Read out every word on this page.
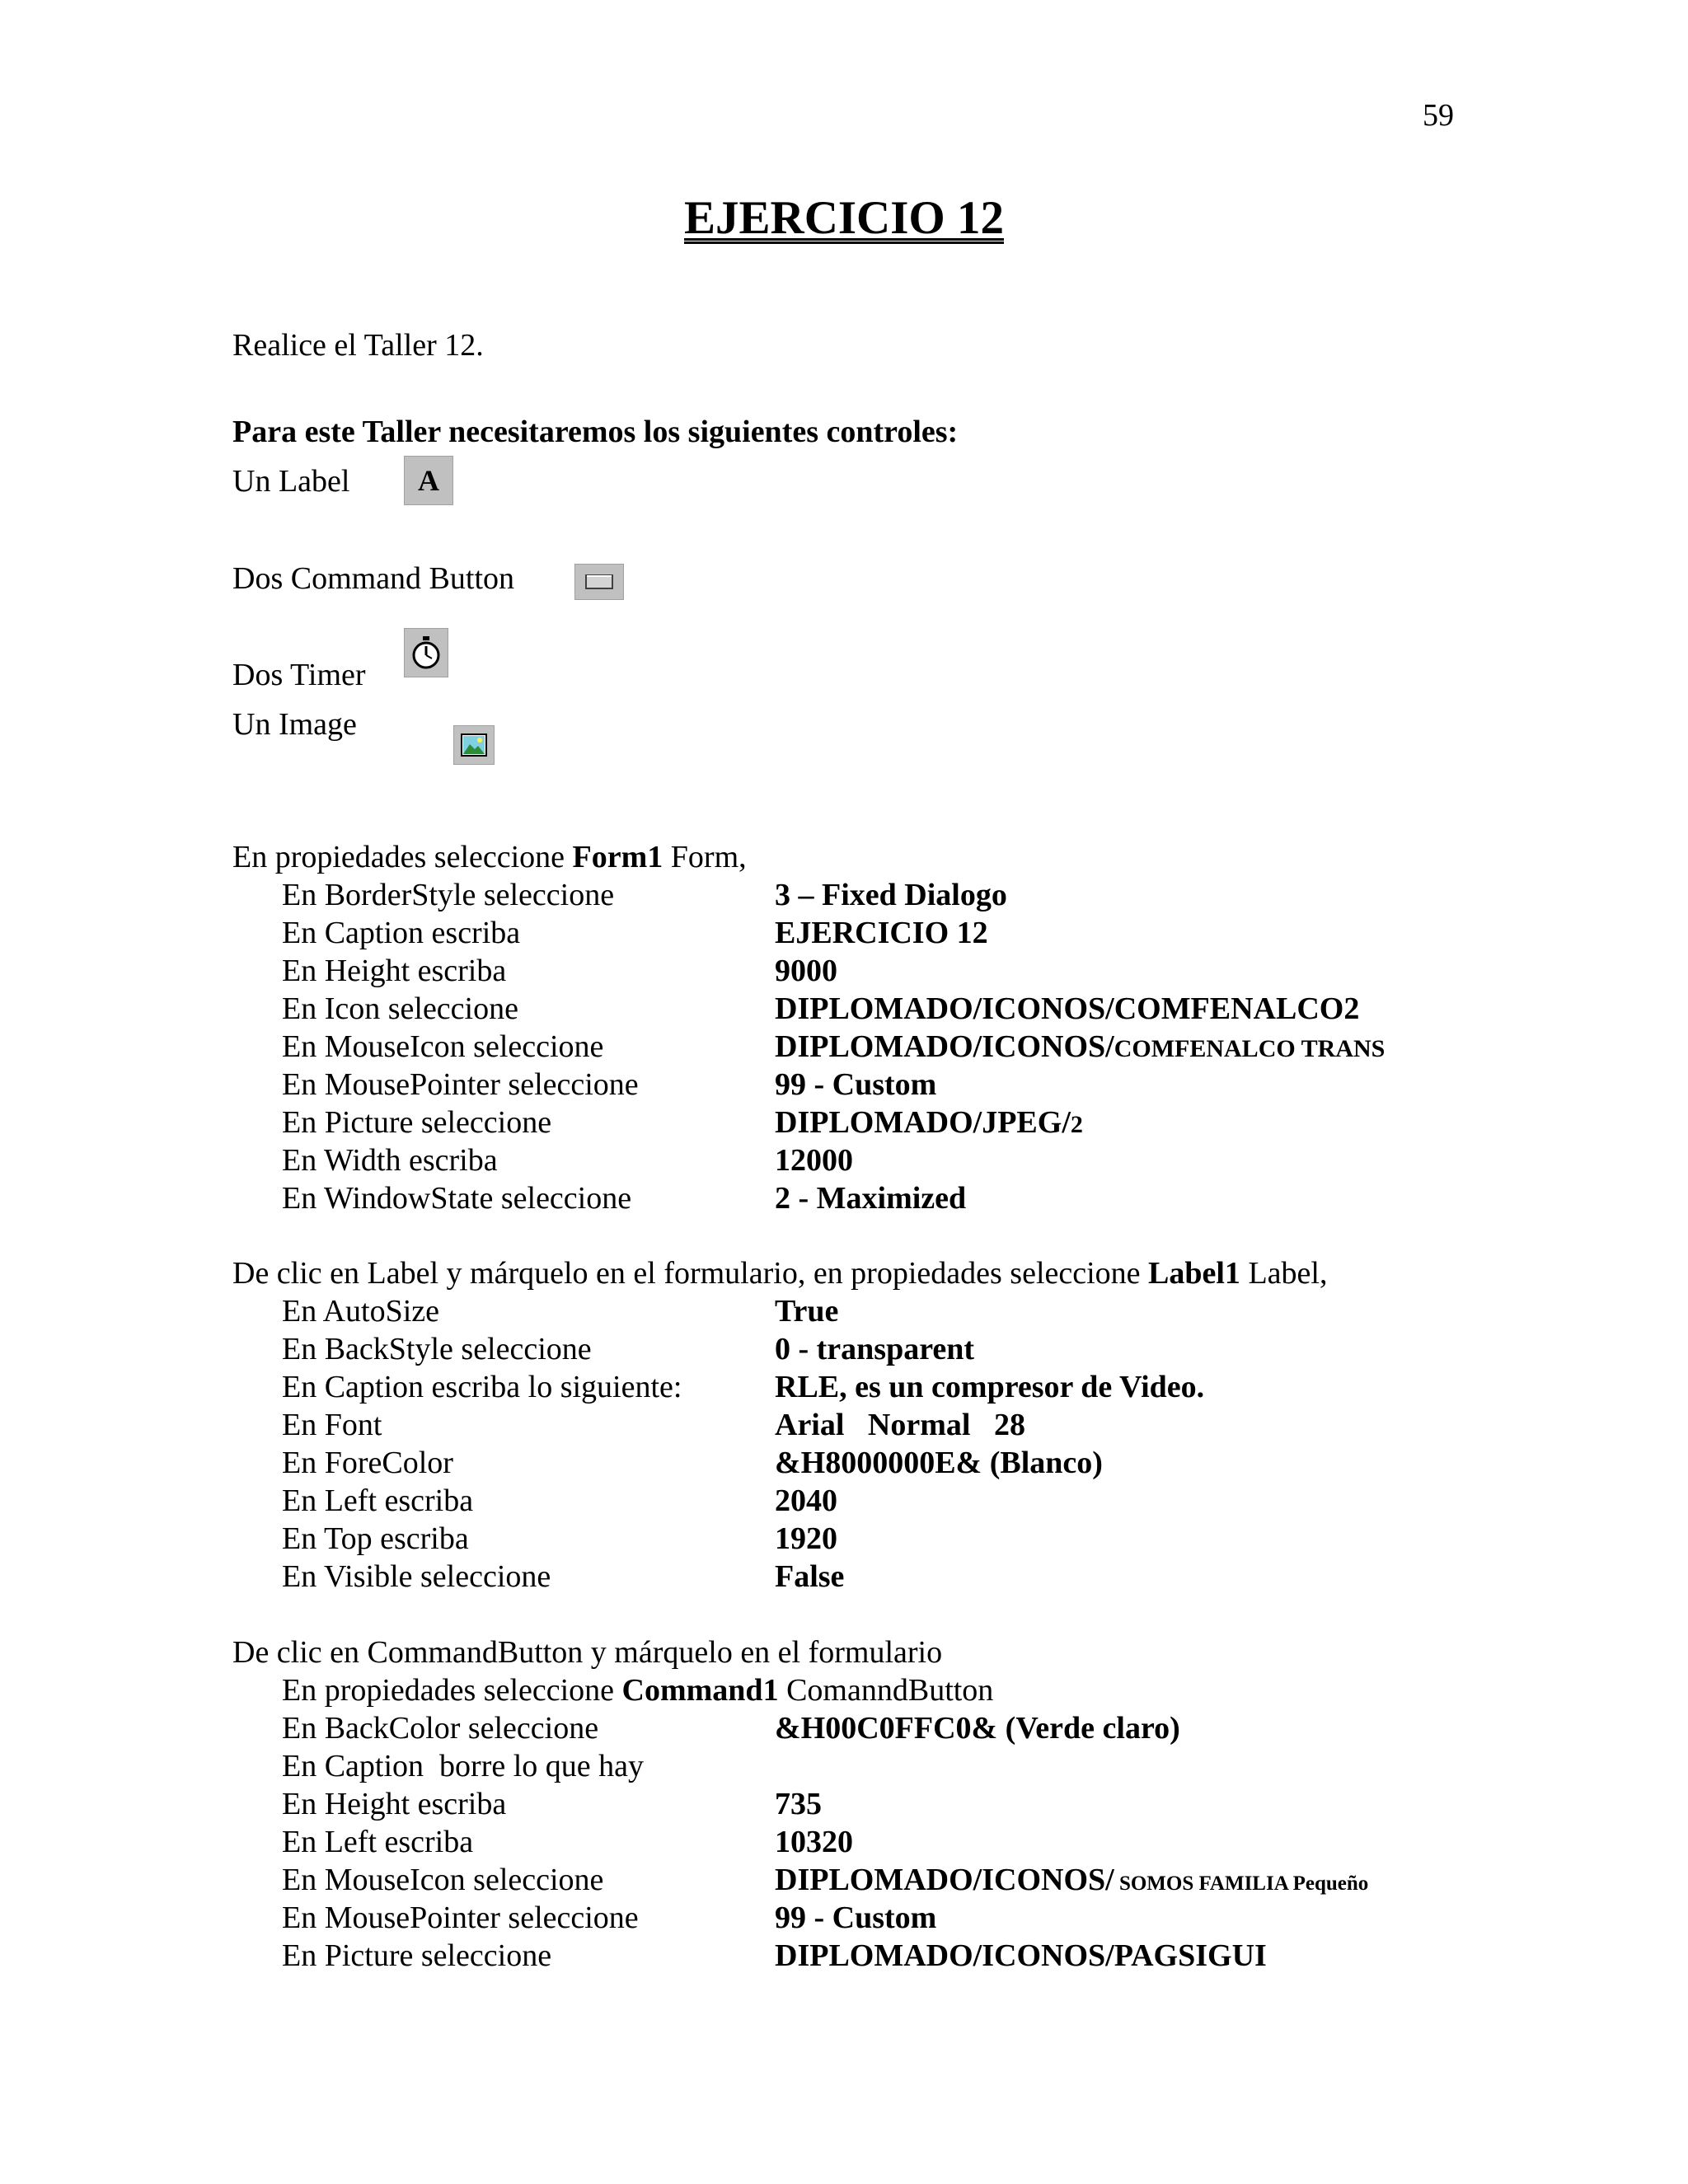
59
EJERCICIO 12
Realice el Taller 12.
Para este Taller necesitaremos los siguientes controles:
Un Label A
Dos Command Button
Dos Timer
Un Image
En propiedades seleccione Form1 Form,
En BorderStyle seleccione	3 – Fixed Dialogo
En Caption escriba	EJERCICIO 12
En Height escriba	9000
En Icon seleccione	DIPLOMADO/ICONOS/COMFENALCO2
En MouseIcon seleccione	DIPLOMADO/ICONOS/COMFENALCO TRANS
En MousePointer seleccione	99 - Custom
En Picture seleccione	DIPLOMADO/JPEG/2
En Width escriba	12000
En WindowState seleccione	2 - Maximized
De clic en Label y márquelo en el formulario, en propiedades seleccione Label1 Label,
En AutoSize	True
En BackStyle seleccione	0 - transparent
En Caption escriba lo siguiente:	RLE, es un compresor de Video.
En Font	Arial   Normal   28
En ForeColor	&H8000000E& (Blanco)
En Left escriba	2040
En Top escriba	1920
En Visible seleccione	False
De clic en CommandButton y márquelo en el formulario
En propiedades seleccione Command1 ComanndButton
En BackColor seleccione	&H00C0FFC0& (Verde claro)
En Caption  borre lo que hay
En Height escriba	735
En Left escriba	10320
En MouseIcon seleccione	DIPLOMADO/ICONOS/ SOMOS FAMILIA Pequeño
En MousePointer seleccione	99 - Custom
En Picture seleccione	DIPLOMADO/ICONOS/PAGSIGUI
